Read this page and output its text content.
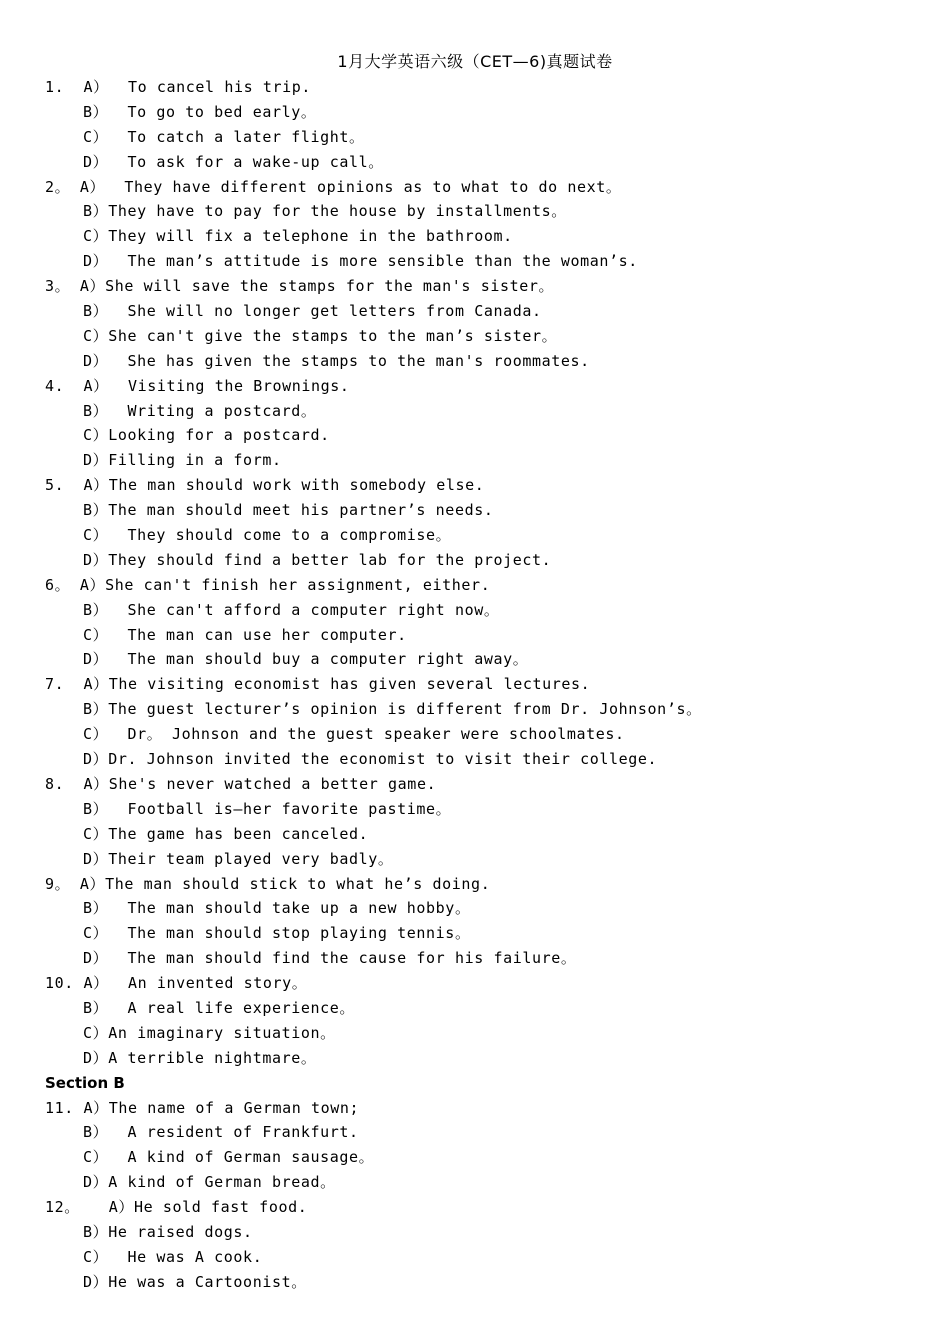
1月大学英语六级（CET—6)真题试卷
1.  A）  To cancel his trip.
B）  To go to bed early。
C）  To catch a later flight。
D）  To ask for a wake-up call。
2。 A）  They have different opinions as to what to do next。
B）They have to pay for the house by installments。
C）They will fix a telephone in the bathroom.
D）  The man’s attitude is more sensible than the woman’s.
3。 A）She will save the stamps for the man's sister。
B）  She will no longer get letters from Canada.
C）She can't give the stamps to the man’s sister。
D）  She has given the stamps to the man's roommates.
4.  A）  Visiting the Brownings.
B）  Writing a postcard。
C）Looking for a postcard.
D）Filling in a form.
5.  A）The man should work with somebody else.
B）The man should meet his partner’s needs.
C）  They should come to a compromise。
D）They should find a better lab for the project.
6。 A）She can't finish her assignment, either.
B）  She can't afford a computer right now。
C）  The man can use her computer.
D）  The man should buy a computer right away。
7.  A）The visiting economist has given several lectures.
B）The guest lecturer’s opinion is different from Dr. Johnson’s。
C）  Dr。 Johnson and the guest speaker were schoolmates.
D）Dr. Johnson invited the economist to visit their college.
8.  A）She's never watched a better game.
B）  Football is—her favorite pastime。
C）The game has been canceled.
D）Their team played very badly。
9。 A）The man should stick to what he’s doing.
B）  The man should take up a new hobby。
C）  The man should stop playing tennis。
D）  The man should find the cause for his failure。
10. A）  An invented story。
B）  A real life experience。
C）An imaginary situation。
D）A terrible nightmare。
Section B
11. A）The name of a German town;
B）  A resident of Frankfurt.
C）  A kind of German sausage。
D）A kind of German bread。
12。   A）He sold fast food.
B）He raised dogs.
C）  He was A cook.
D）He was a Cartoonist。
